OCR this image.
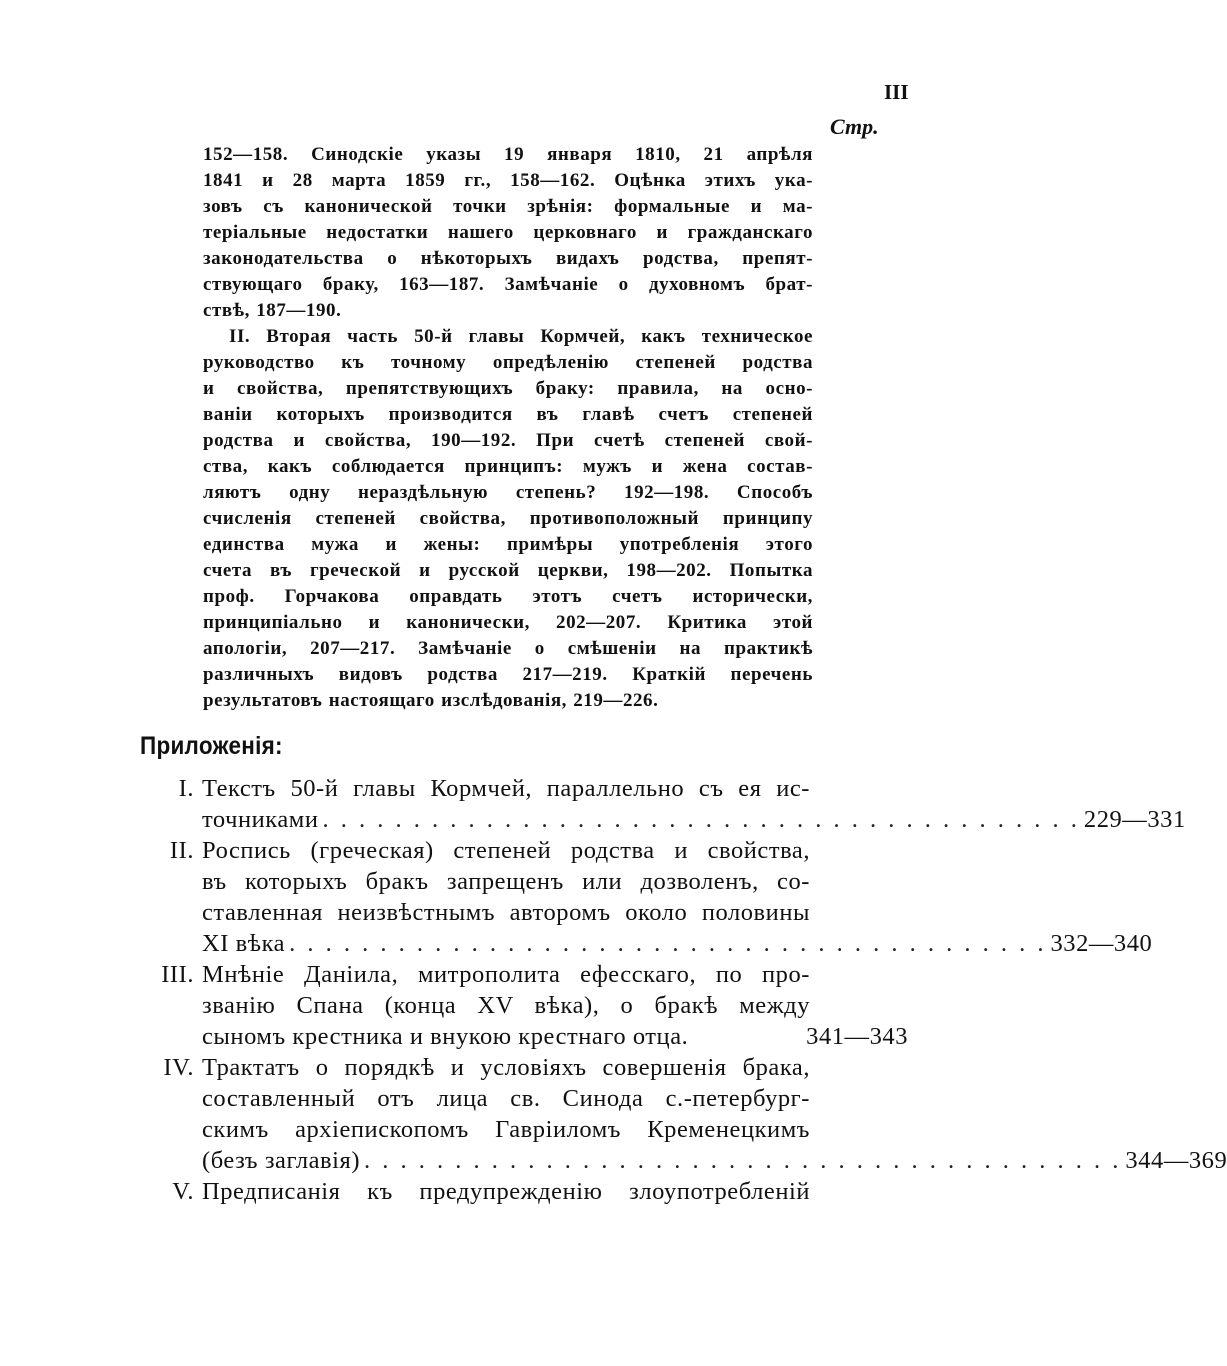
III
Стр.
152—158. Синодскіе указы 19 января 1810, 21 апрѣля
1841 и 28 марта 1859 гг., 158—162. Оцѣнка этихъ ука-
зовъ съ канонической точки зрѣнія: формальные и ма-
теріальные недостатки нашего церковнаго и гражданскаго
законодательства о нѣкоторыхъ видахъ родства, препят-
ствующаго браку, 163—187. Замѣчаніе о духовномъ брат-
ствѣ, 187—190.
II. Вторая часть 50-й главы Кормчей, какъ техническое
руководство къ точному опредѣленію степеней родства
и свойства, препятствующихъ браку: правила, на осно-
ваніи которыхъ производится въ главѣ счетъ степеней
родства и свойства, 190—192. При счетѣ степеней свой-
ства, какъ соблюдается принципъ: мужъ и жена состав-
ляютъ одну нераздѣльную степень? 192—198. Способъ
счисленія степеней свойства, противоположный принципу
единства мужа и жены: примѣры употребленія этого
счета въ греческой и русской церкви, 198—202. Попытка
проф. Горчакова оправдать этотъ счетъ исторически,
принципіально и канонически, 202—207. Критика этой
апологіи, 207—217. Замѣчаніе о смѣшеніи на практикѣ
различныхъ видовъ родства 217—219. Краткій перечень
результатовъ настоящаго изслѣдованія, 219—226.
Приложенія:
I. Текстъ 50-й главы Кормчей, параллельно съ ея ис-
точниками . . . . . . . . . . . . . . . . . . . . . . . . . . . . . . . . . . . . . . . . . . 229—331
II. Роспись (греческая) степеней родства и свойства,
въ которыхъ бракъ запрещенъ или дозволенъ, со-
ставленная неизвѣстнымъ авторомъ около половины
XI вѣка . . . . . . . . . . . . . . . . . . . . . . . . . . . . . . . . . . . . . . . . . . 332—340
III. Мнѣніе Даніила, митрополита ефесскаго, по про-
званію Спана (конца XV вѣка), о бракѣ между
сыномъ крестника и внукою крестнаго отца.	341—343
IV. Трактатъ о порядкѣ и условіяхъ совершенія брака,
составленный отъ лица св. Синода с.-петербург-
скимъ архіепископомъ Гавріиломъ Кременецкимъ
(безъ заглавія) . . . . . . . . . . . . . . . . . . . . . . . . . . . . . . . . . . . . . . . . . . 344—369
V. Предписанія къ предупрежденію злоупотребленій
